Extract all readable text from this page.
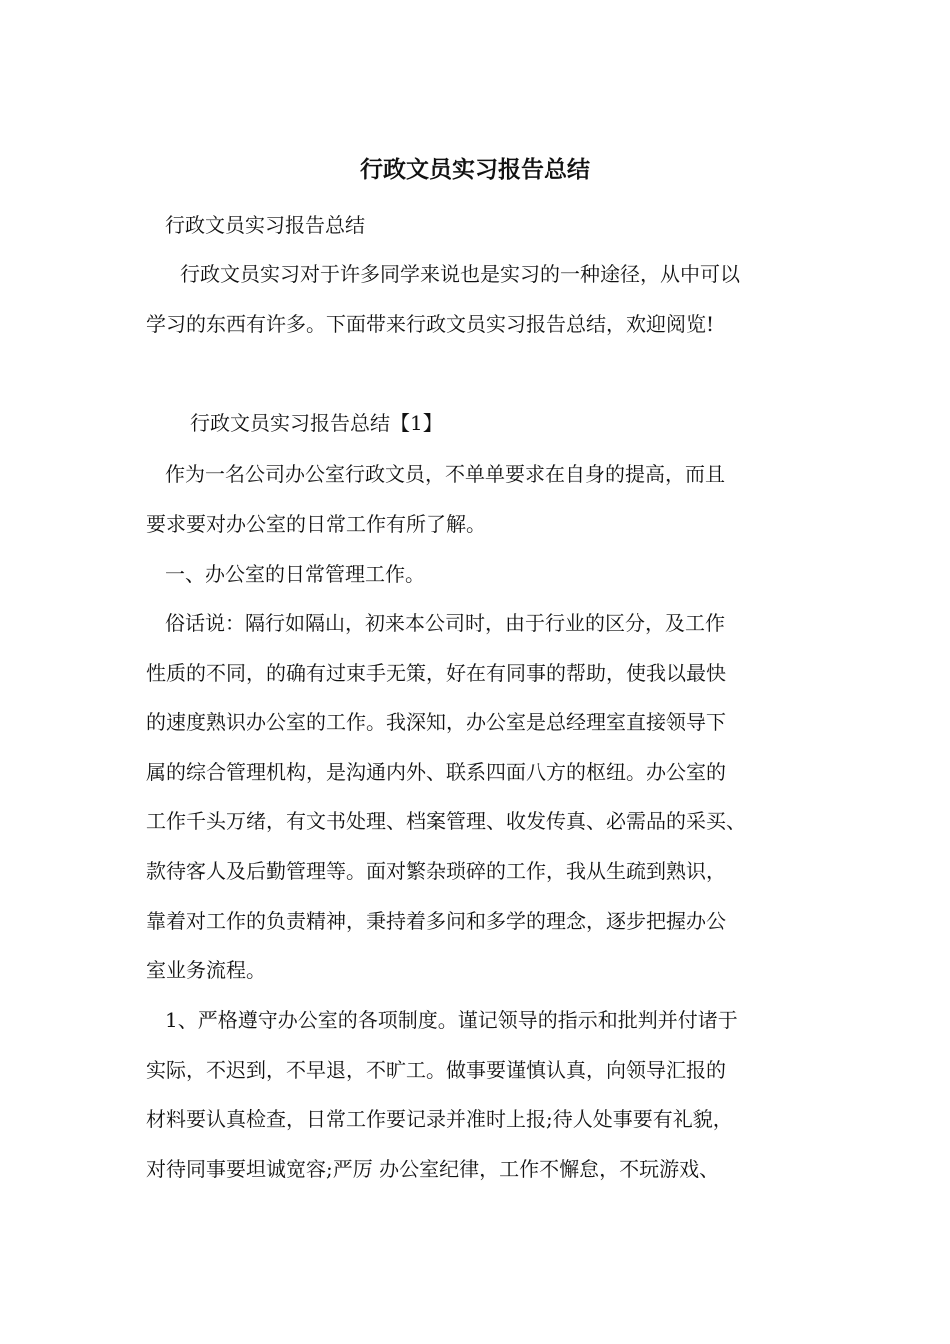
行政文员实习报告总结
行政文员实习报告总结
行政文员实习对于许多同学来说也是实习的一种途径，从中可以
学习的东西有许多。下面带来行政文员实习报告总结，欢迎阅览!
行政文员实习报告总结【1】
作为一名公司办公室行政文员，不单单要求在自身的提高，而且
要求要对办公室的日常工作有所了解。
一、办公室的日常管理工作。
俗话说：隔行如隔山，初来本公司时，由于行业的区分，及工作
性质的不同，的确有过束手无策，好在有同事的帮助，使我以最快
的速度熟识办公室的工作。我深知，办公室是总经理室直接领导下
属的综合管理机构，是沟通内外、联系四面八方的枢纽。办公室的
工作千头万绪，有文书处理、档案管理、收发传真、必需品的采买、
款待客人及后勤管理等。面对繁杂琐碎的工作，我从生疏到熟识，
靠着对工作的负责精神，秉持着多问和多学的理念，逐步把握办公
室业务流程。
1、严格遵守办公室的各项制度。谨记领导的指示和批判并付诸于
实际，不迟到，不早退，不旷工。做事要谨慎认真，向领导汇报的
材料要认真检查，日常工作要记录并准时上报;待人处事要有礼貌，
对待同事要坦诚宽容;严厉 办公室纪律，工作不懈怠，不玩游戏、
